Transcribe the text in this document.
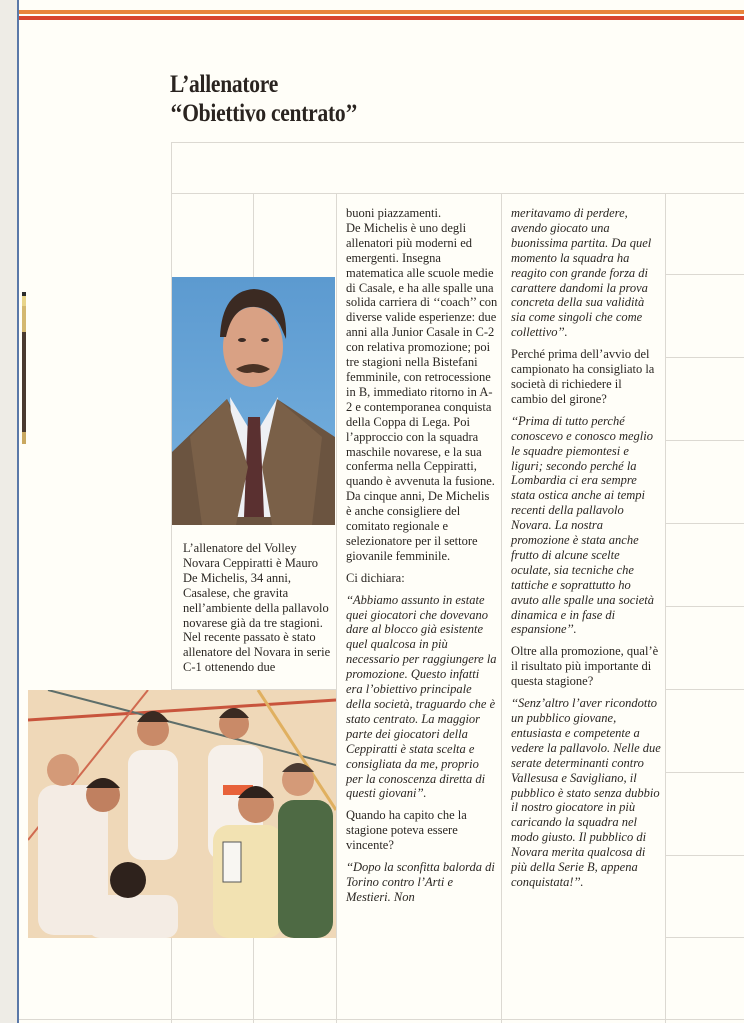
L’allenatore
‘‘Obiettivo centrato’’

L’allenatore del Volley Novara Ceppiratti è Mauro De Michelis, 34 anni, Casalese, che gravita nell’ambiente della pallavolo novarese già da tre stagioni. Nel recente passato è stato allenatore del Novara in serie C-1 ottenendo due

buoni piazzamenti.

De Michelis è uno degli allenatori più moderni ed emergenti. Insegna matematica alle scuole medie di Casale, e ha alle spalle una solida carriera di ‘‘coach’’ con diverse valide esperienze: due anni alla Junior Casale in C-2 con relativa promozione; poi tre stagioni nella Bistefani femminile, con retrocessione in B, immediato ritorno in A-2 e contemporanea conquista della Coppa di Lega. Poi l’approccio con la squadra maschile novarese, e la sua conferma nella Ceppiratti, quando è avvenuta la fusione.

Da cinque anni, De Michelis è anche consigliere del comitato regionale e selezionatore per il settore giovanile femminile.

Ci dichiara:

‘‘Abbiamo assunto in estate quei giocatori che dovevano dare al blocco già esistente quel qualcosa in più necessario per raggiungere la promozione. Questo infatti era l’obiettivo principale della società, traguardo che è stato centrato. La maggior parte dei giocatori della Ceppiratti è stata scelta e consigliata da me, proprio per la conoscenza diretta di questi giovani’’.

Quando ha capito che la stagione poteva essere vincente?

‘‘Dopo la sconfitta balorda di Torino contro l’Arti e Mestieri. Non

meritavamo di perdere, avendo giocato una buonissima partita. Da quel momento la squadra ha reagito con grande forza di carattere dandomi la prova concreta della sua validità sia come singoli che come collettivo’’.

Perché prima dell’avvio del campionato ha consigliato la società di richiedere il cambio del girone?

‘‘Prima di tutto perché conoscevo e conosco meglio le squadre piemontesi e liguri; secondo perché la Lombardia ci era sempre stata ostica anche ai tempi recenti della pallavolo Novara. La nostra promozione è stata anche frutto di alcune scelte oculate, sia tecniche che tattiche e soprattutto ho avuto alle spalle una società dinamica e in fase di espansione’’.

Oltre alla promozione, qual’è il risultato più importante di questa stagione?

‘‘Senz’altro l’aver ricondotto un pubblico giovane, entusiasta e competente a vedere la pallavolo. Nelle due serate determinanti contro Vallesusa e Savigliano, il pubblico è stato senza dubbio il nostro giocatore in più caricando la squadra nel modo giusto. Il pubblico di Novara merita qualcosa di più della Serie B, appena conquistata!’’.
